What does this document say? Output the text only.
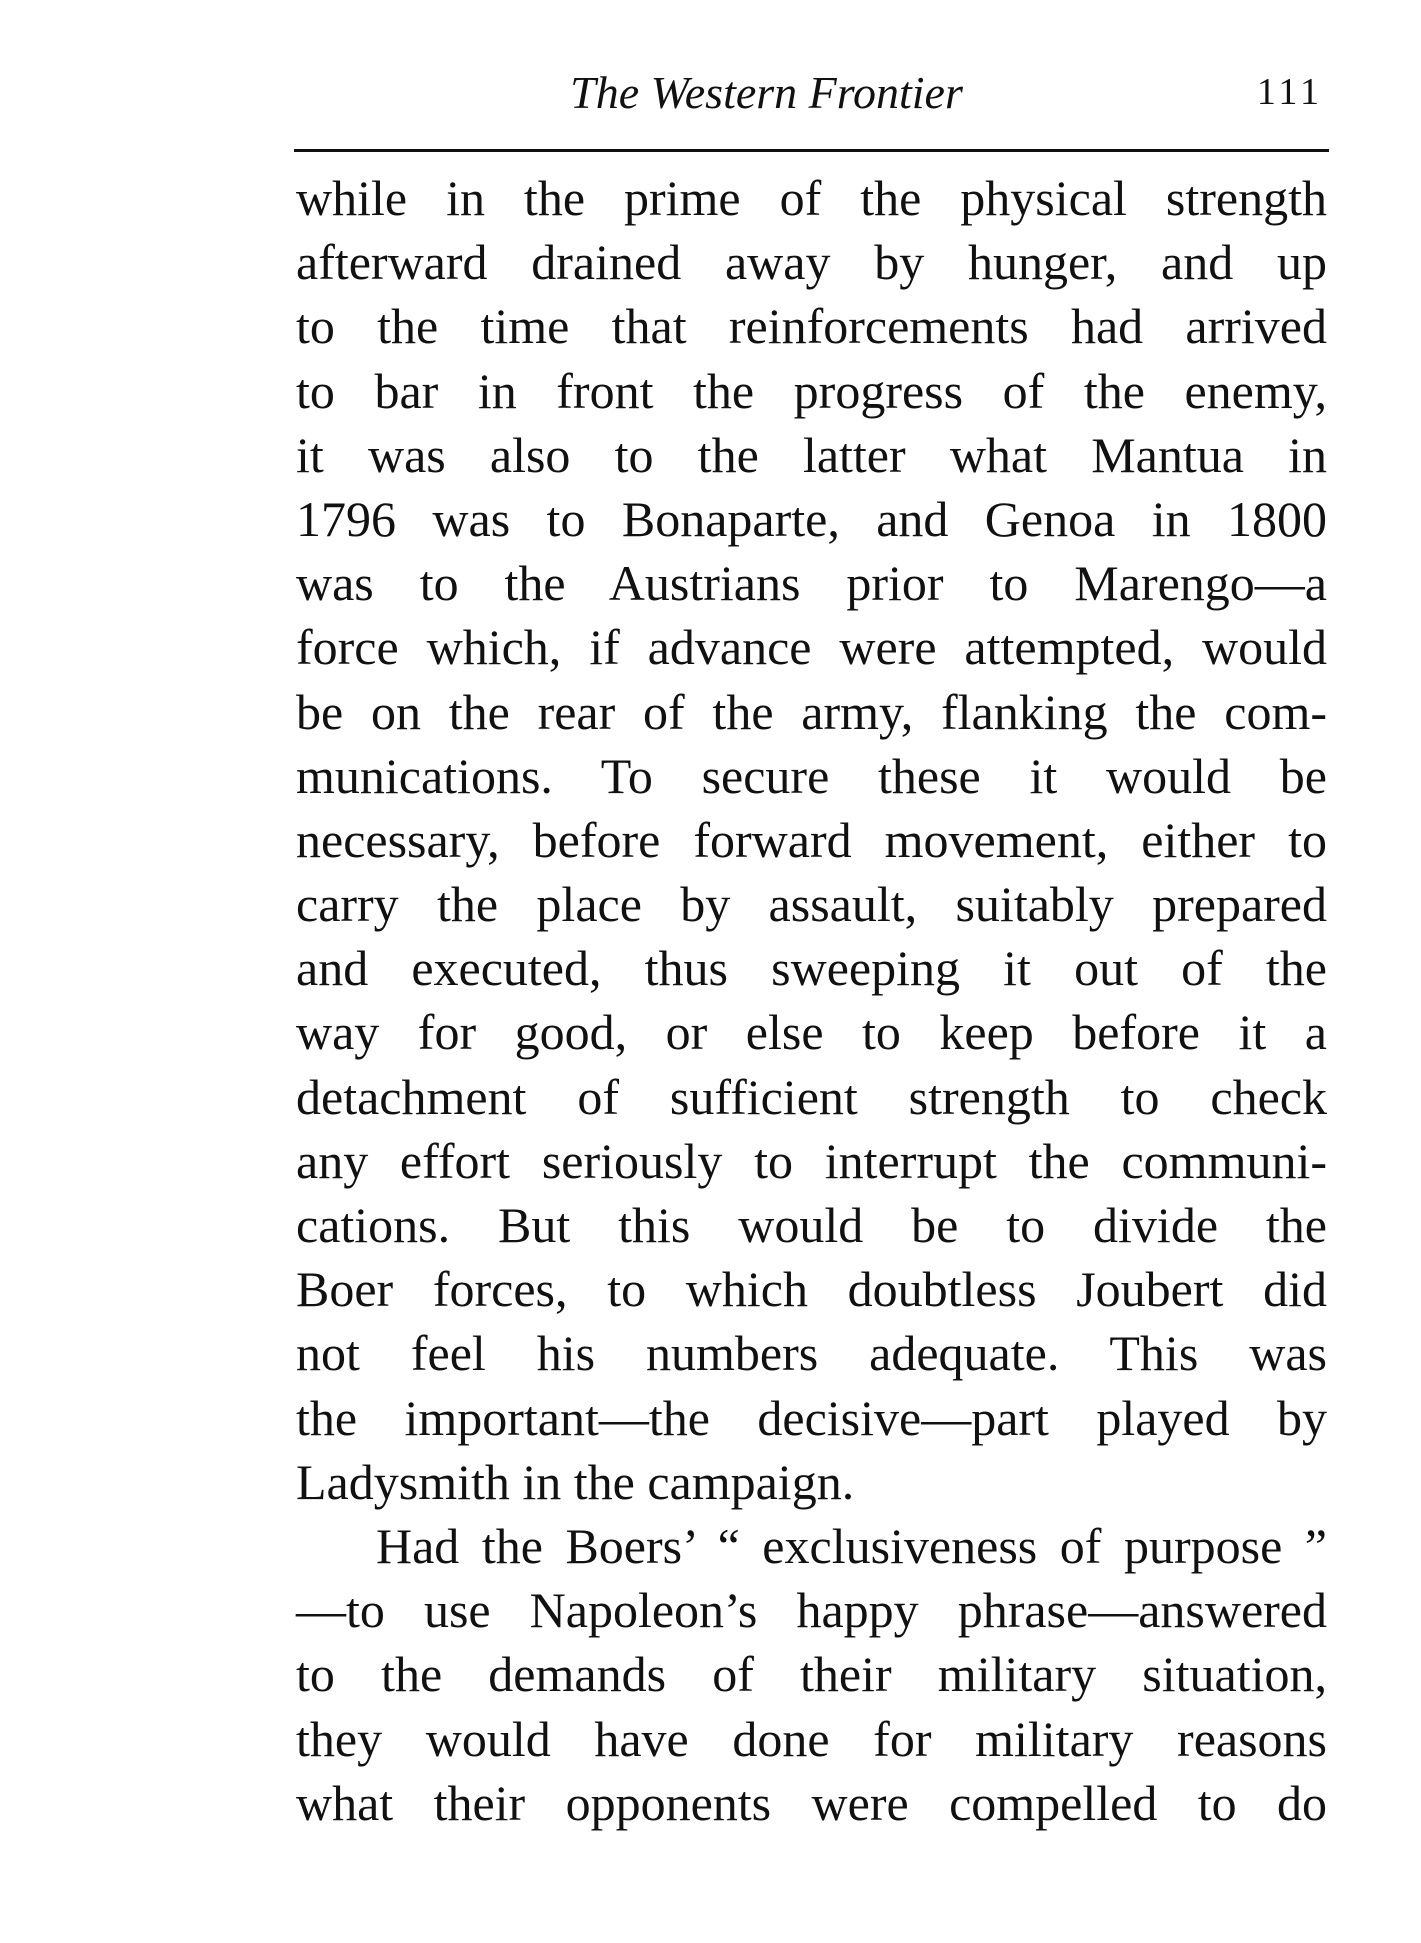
The Western Frontier	111
while in the prime of the physical strength
afterward drained away by hunger, and up
to the time that reinforcements had arrived
to bar in front the progress of the enemy,
it was also to the latter what Mantua in
1796 was to Bonaparte, and Genoa in 1800
was to the Austrians prior to Marengo—a
force which, if advance were attempted, would
be on the rear of the army, flanking the com-
munications. To secure these it would be
necessary, before forward movement, either to
carry the place by assault, suitably prepared
and executed, thus sweeping it out of the
way for good, or else to keep before it a
detachment of sufficient strength to check
any effort seriously to interrupt the communi-
cations. But this would be to divide the
Boer forces, to which doubtless Joubert did
not feel his numbers adequate. This was
the important—the decisive—part played by
Ladysmith in the campaign.
Had the Boers’ “ exclusiveness of purpose ”
—to use Napoleon’s happy phrase—answered
to the demands of their military situation,
they would have done for military reasons
what their opponents were compelled to do
